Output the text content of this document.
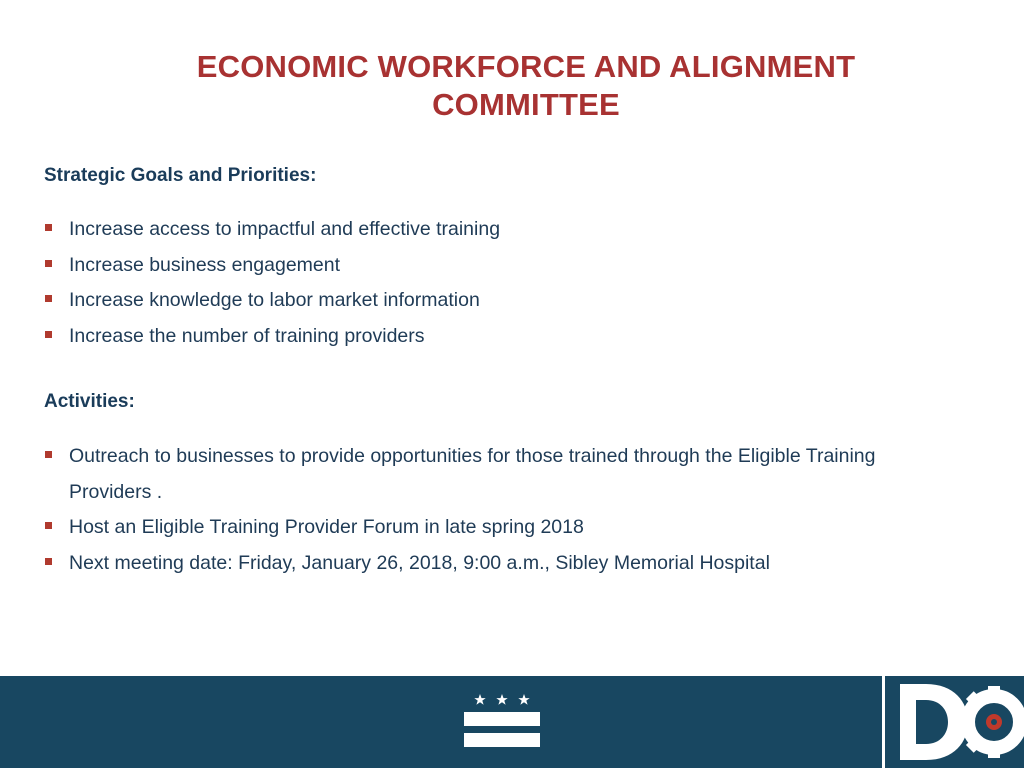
ECONOMIC WORKFORCE AND ALIGNMENT
COMMITTEE
Strategic Goals and Priorities:
Increase access to impactful and effective training
Increase business engagement
Increase knowledge to labor market information
Increase the number of training providers
Activities:
Outreach to businesses to provide opportunities for those trained through the Eligible Training Providers .
Host an Eligible Training Provider Forum in late spring 2018
Next meeting date: Friday, January 26, 2018, 9:00 a.m., Sibley Memorial Hospital
